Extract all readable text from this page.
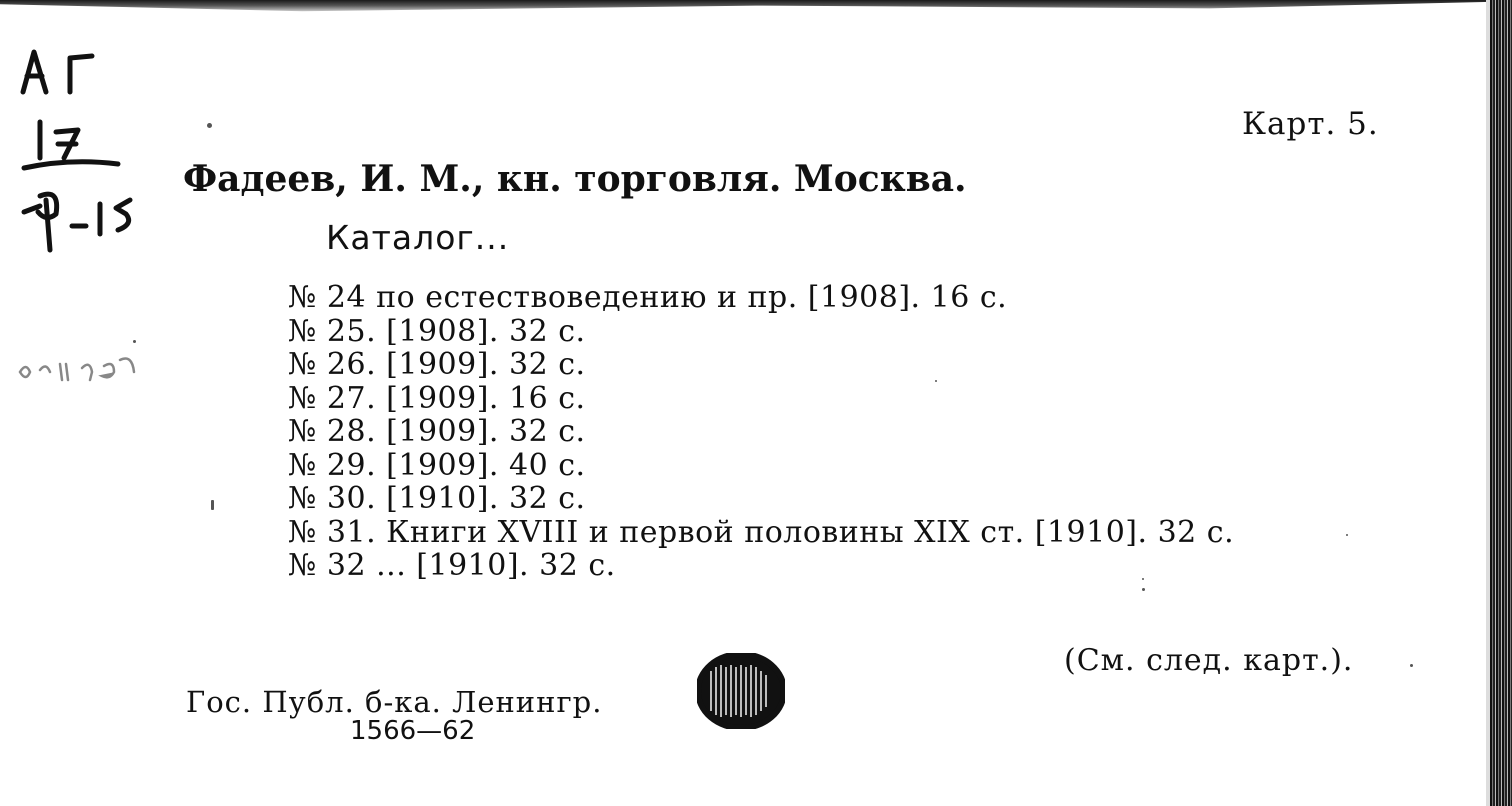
Карт. 5.
Фадеев, И. М., кн. торговля. Москва.
Каталог...
№ 24 по естествоведению и пр. [1908]. 16 с.
№ 25. [1908]. 32 с.
№ 26. [1909]. 32 с.
№ 27. [1909]. 16 с.
№ 28. [1909]. 32 с.
№ 29. [1909]. 40 с.
№ 30. [1910]. 32 с.
№ 31. Книги XVIII и первой половины XIX ст. [1910]. 32 с.
№ 32 ... [1910]. 32 с.
(См. след. карт.).
Гос. Публ. б-ка. Ленингр.
1566—62
